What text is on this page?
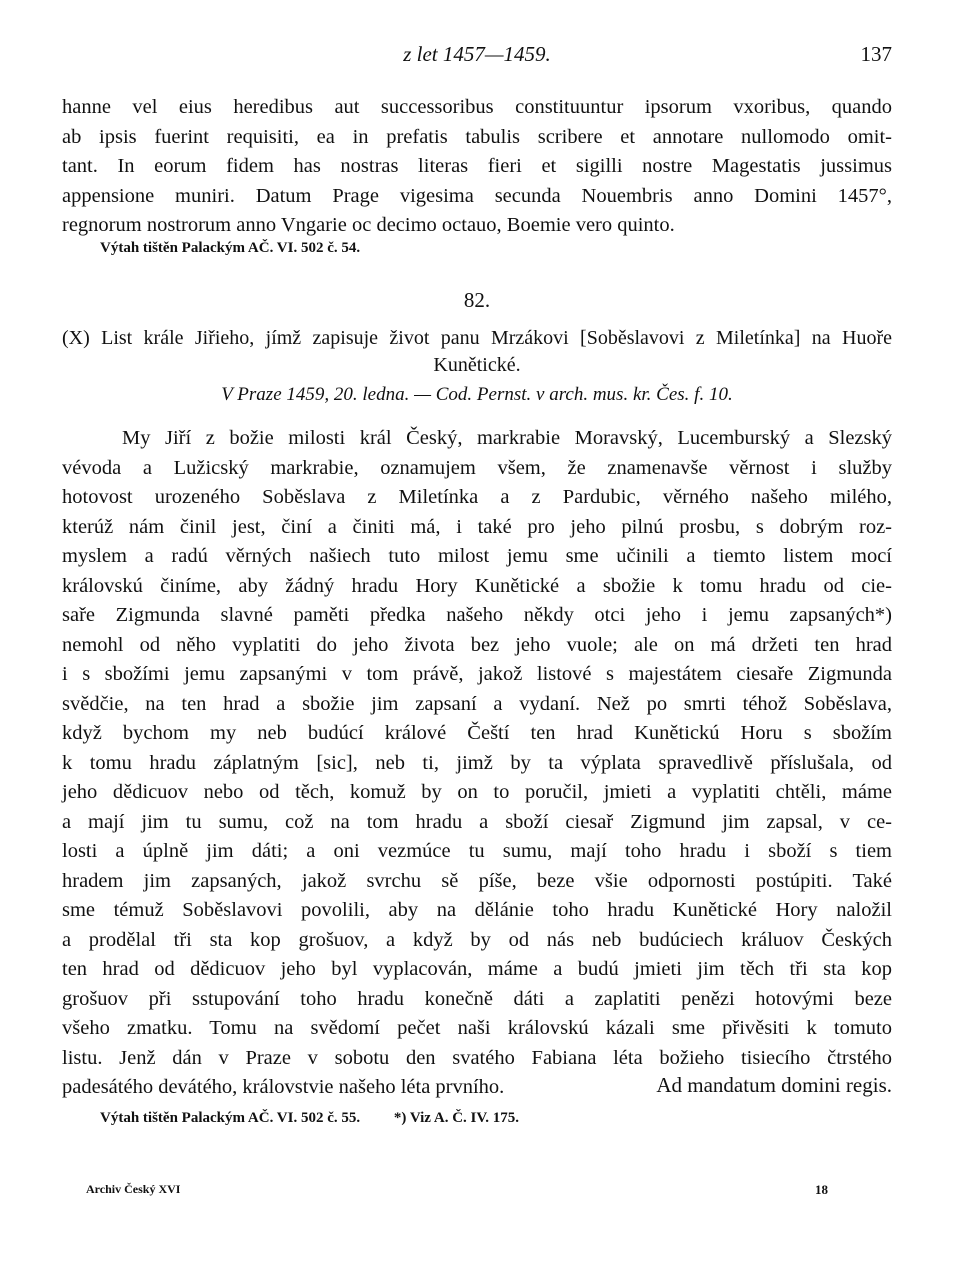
z let 1457—1459.	137
hanne vel eius heredibus aut successoribus constituuntur ipsorum vxoribus, quando
ab ipsis fuerint requisiti, ea in prefatis tabulis scribere et annotare nullomodo omit-
tant. In eorum fidem has nostras literas fieri et sigilli nostre Magestatis jussimus
appensione muniri. Datum Prage vigesima secunda Nouembris anno Domini 1457°,
regnorum nostrorum anno Vngarie oc decimo octauo, Boemie vero quinto.
Výtah tištěn Palackým AČ. VI. 502 č. 54.
82.
(X) List krále Jiřieho, jímž zapisuje život panu Mrzákovi [Soběslavovi z Miletínka] na Huoře
Kunětické.
V Praze 1459, 20. ledna. — Cod. Pernst. v arch. mus. kr. Čes. f. 10.
My Jiří z božie milosti král Český, markrabie Moravský, Lucemburský a Slezský
vévoda a Lužicský markrabie, oznamujem všem, že znamenavše věrnost i služby
hotovost urozeného Soběslava z Miletínka a z Pardubic, věrného našeho milého,
kterúž nám činil jest, činí a činiti má, i také pro jeho pilnú prosbu, s dobrým roz-
myslem a radú věrných našiech tuto milost jemu sme učinili a tiemto listem mocí
královskú činíme, aby žádný hradu Hory Kunětické a sbožie k tomu hradu od cie-
saře Zigmunda slavné paměti předka našeho někdy otci jeho i jemu zapsaných*)
nemohl od něho vyplatiti do jeho života bez jeho vuole; ale on má držeti ten hrad
i s sbožími jemu zapsanými v tom právě, jakož listové s majestátem ciesaře Zigmunda
svědčie, na ten hrad a sbožie jim zapsaní a vydaní. Než po smrti téhož Soběslava,
když bychom my neb budúcí králové Čeští ten hrad Kunětickú Horu s sbožím
k tomu hradu záplatným [sic], neb ti, jimž by ta výplata spravedlivě příslušala, od
jeho dědicuov nebo od těch, komuž by on to poručil, jmieti a vyplatiti chtěli, máme
a mají jim tu sumu, což na tom hradu a sboží ciesař Zigmund jim zapsal, v ce-
losti a úplně jim dáti; a oni vezmúce tu sumu, mají toho hradu i sboží s tiem
hradem jim zapsaných, jakož svrchu sě píše, beze všie odpornosti postúpiti. Také
sme témuž Soběslavovi povolili, aby na dělánie toho hradu Kunětické Hory naložil
a prodělal tři sta kop grošuov, a když by od nás neb budúciech králuov Českých
ten hrad od dědicuov jeho byl vyplacován, máme a budú jmieti jim těch tři sta kop
grošuov při sstupování toho hradu konečně dáti a zaplatiti penězi hotovými beze
všeho zmatku. Tomu na svědomí pečet naši královskú kázali sme přivěsiti k tomuto
listu. Jenž dán v Praze v sobotu den svatého Fabiana léta božieho tisiecího čtrstého
padesátého devátého, královstvie našeho léta prvního.	Ad mandatum domini regis.
Výtah tištěn Palackým AČ. VI. 502 č. 55. *) Viz A. Č. IV. 175.
Archiv Český XVI	18
